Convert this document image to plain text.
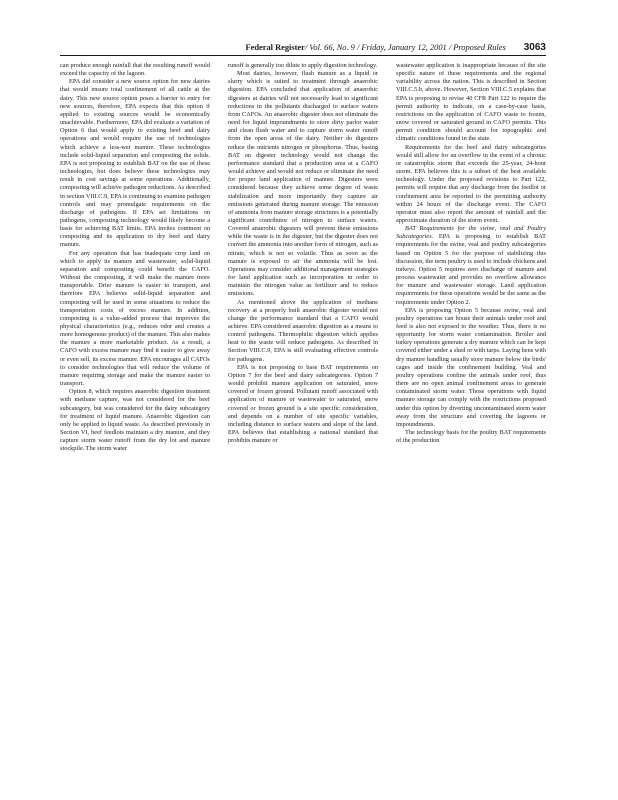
Federal Register/ Vol. 66, No. 9 / Friday, January 12, 2001 / Proposed Rules 3063

can produce enough rainfall that the resulting runoff would exceed the capacity of the lagoon.

EPA did consider a new source option for new dairies that would ensure total confinement of all cattle at the dairy. This new source option poses a barrier to entry for new sources, therefore, EPA expects that this option if applied to existing sources would be economically unachievable. Furthermore, EPA did evaluate a variation of Option 6 that would apply to existing beef and dairy operations and would require the use of technologies which achieve a less-wet manure. These technologies include solid-liquid separation and composting the solids. EPA is not proposing to establish BAT on the use of these technologies, but does believe these technologies may result in cost savings at some operations. Additionally, composting will achieve pathogen reductions. As described in section VIII.C.9, EPA is continuing to examine pathogen controls and may promulgate requirements on the discharge of pathogens. If EPA set limitations on pathogens, composting technology would likely become a basis for achieving BAT limits. EPA invites comment on composting and its application to dry beef and dairy manure.

For any operation that has inadequate crop land on which to apply its manure and wastewater, solid-liquid separation and composting could benefit the CAFO. Without the composting, it will make the manure more transportable. Drier manure is easier to transport, and therefore EPA believes solid-liquid separation and composting will be used in some situations to reduce the transportation costs of excess manure. In addition, composting is a value-added process that improves the physical characteristics (e.g., reduces odor and creates a more homogenous product) of the manure. This also makes the manure a more marketable product. As a result, a CAFO with excess manure may find it easier to give away or even sell, its excess manure. EPA encourages all CAFOs to consider technologies that will reduce the volume of manure requiring storage and make the manure easier to transport.

Option 8, which requires anaerobic digestion treatment with methane capture, was not considered for the beef subcategory, but was considered for the dairy subcategory for treatment of liquid manure. Anaerobic digestion can only be applied to liquid waste. As described previously in Section VI, beef feedlots maintain a dry manure, and they capture storm water runoff from the dry lot and manure stockpile. The storm water

runoff is generally too dilute to apply digestion technology.

Most dairies, however, flush manure as a liquid or slurry which is suited to treatment through anaerobic digestion. EPA concluded that application of anaerobic digesters at dairies will not necessarily lead to significant reductions in the pollutants discharged to surface waters from CAFOs. An anaerobic digester does not eliminate the need for liquid impoundments to store dirty parlor water and clean flush water and to capture storm water runoff from the open areas of the dairy. Neither do digesters reduce the nutrients nitrogen or phosphorus. Thus, basing BAT on digester technology would not change the performance standard that a production area at a CAFO would achieve and would not reduce or eliminate the need for proper land application of manure. Digesters were considered because they achieve some degree of waste stabilization and more importantly they capture air emissions generated during manure storage. The emission of ammonia from manure storage structures is a potentially significant contributor of nitrogen to surface waters. Covered anaerobic digesters will prevent these emissions while the waste is in the digester, but the digester does not convert the ammonia into another form of nitrogen, such as nitrate, which is not so volatile. Thus as soon as the manure is exposed to air the ammonia will be lost. Operations may consider additional management strategies for land application such as incorporation in order to maintain the nitrogen value as fertilizer and to reduce emissions.

As mentioned above the application of methane recovery at a properly built anaerobic digester would not change the performance standard that a CAFO would achieve. EPA considered anaerobic digestion as a means to control pathogens. Thermophilic digestion which applies heat to the waste will reduce pathogens. As described in Section VIII.C.9, EPA is still evaluating effective controls for pathogens.

EPA is not proposing to base BAT requirements on Option 7 for the beef and dairy subcategories. Option 7 would prohibit manure application on saturated, snow covered or frozen ground. Pollutant runoff associated with application of manure or wastewater to saturated, snow covered or frozen ground is a site specific consideration, and depends on a number of site specific variables, including distance to surface waters and slope of the land. EPA believes that establishing a national standard that prohibits manure or

wastewater application is inappropriate because of the site specific nature of these requirements and the regional variability across the nation. This is described in Section VIII.C.5.b, above. However, Section VIII.C.5 explains that EPA is proposing to revise 40 CFR Part 122 to require the permit authority to indicate, on a case-by-case basis, restrictions on the application of CAFO waste to frozen, snow covered or saturated ground in CAFO permits. This permit condition should account for topographic and climatic conditions found in the state.

Requirements for the beef and dairy subcategories would still allow for an overflow in the event of a chronic or catastrophic storm that exceeds the 25-year, 24-hour storm. EPA believes this is a subset of the best available technology. Under the proposed revisions to Part 122, permits will require that any discharge from the feedlot or confinement area be reported to the permitting authority within 24 hours of the discharge event. The CAFO operator must also report the amount of rainfall and the approximate duration of the storm event.

BAT Requirements for the swine, veal and Poultry Subcategories. EPA is proposing to establish BAT requirements for the swine, veal and poultry subcategories based on Option 5 for the purpose of stabilizing this discussion, the term poultry is used to include chickens and turkeys. Option 5 requires zero discharge of manure and process wastewater and provides no overflow allowance for manure and wastewater storage. Land application requirements for these operations would be the same as the requirements under Option 2.

EPA is proposing Option 5 because swine, veal and poultry operations can house their animals under roof and feed is also not exposed to the weather. Thus, there is no opportunity for storm water contamination. Broiler and turkey operations generate a dry manure which can be kept covered either under a shed or with tarps. Laying hens with dry manure handling usually store manure below the birds' cages and inside the confinement building. Veal and poultry operations confine the animals under roof, thus there are no open animal confinement areas to generate contaminated storm water. Those operations with liquid manure storage can comply with the restrictions proposed under this option by diverting uncontaminated storm water away from the structure and covering the lagoons or impoundments.

The technology basis for the poultry BAT requirements of the production
